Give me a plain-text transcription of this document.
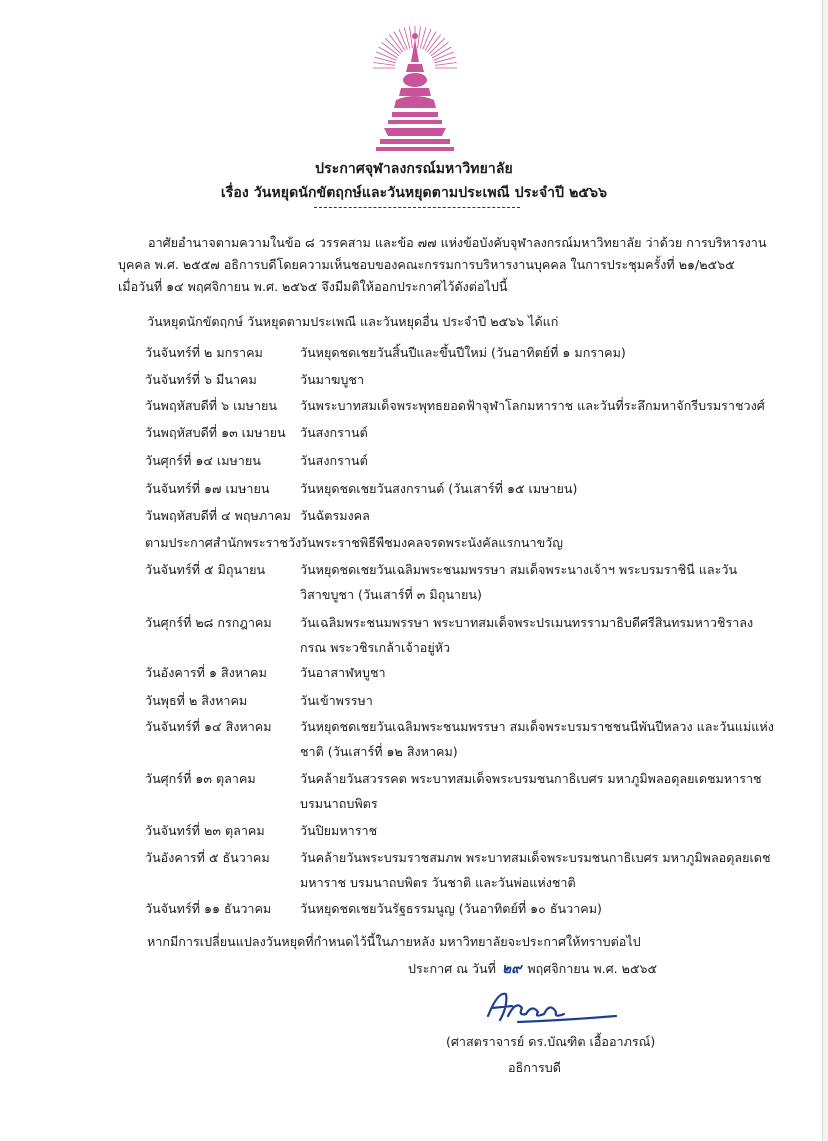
ประกาศจุฬาลงกรณ์มหาวิทยาลัย
เรื่อง วันหยุดนักขัตฤกษ์และวันหยุดตามประเพณี ประจำปี ๒๕๖๖
อาศัยอำนาจตามความในข้อ ๘ วรรคสาม และข้อ ๗๗ แห่งข้อบังคับจุฬาลงกรณ์มหาวิทยาลัย ว่าด้วย การบริหารงาน
บุคคล พ.ศ. ๒๕๕๗ อธิการบดีโดยความเห็นชอบของคณะกรรมการบริหารงานบุคคล ในการประชุมครั้งที่ ๒๑/๒๕๖๕
เมื่อวันที่ ๑๔ พฤศจิกายน พ.ศ. ๒๕๖๕ จึงมีมติให้ออกประกาศไว้ดังต่อไปนี้
วันหยุดนักขัตฤกษ์ วันหยุดตามประเพณี และวันหยุดอื่น ประจำปี ๒๕๖๖ ได้แก่
วันจันทร์ที่ ๒ มกราคม	วันหยุดชดเชยวันสิ้นปีและขึ้นปีใหม่ (วันอาทิตย์ที่ ๑ มกราคม)
วันจันทร์ที่ ๖ มีนาคม	วันมาฆบูชา
วันพฤหัสบดีที่ ๖ เมษายน	วันพระบาทสมเด็จพระพุทธยอดฟ้าจุฬาโลกมหาราช และวันที่ระลึกมหาจักรีบรมราชวงศ์
วันพฤหัสบดีที่ ๑๓ เมษายน	วันสงกรานต์
วันศุกร์ที่ ๑๔ เมษายน	วันสงกรานต์
วันจันทร์ที่ ๑๗ เมษายน	วันหยุดชดเชยวันสงกรานต์ (วันเสาร์ที่ ๑๕ เมษายน)
วันพฤหัสบดีที่ ๔ พฤษภาคม วันฉัตรมงคล
ตามประกาศสำนักพระราชวัง
วันพระราชพิธีพืชมงคลจรดพระนังคัลแรกนาขวัญ
วันจันทร์ที่ ๕ มิถุนายน	วันหยุดชดเชยวันเฉลิมพระชนมพรรษา สมเด็จพระนางเจ้าฯ พระบรมราชินี และวันวิสาขบูชา (วันเสาร์ที่ ๓ มิถุนายน)
วันศุกร์ที่ ๒๘ กรกฎาคม	วันเฉลิมพระชนมพรรษา พระบาทสมเด็จพระปรเมนทรรามาธิบดีศรีสินทรมหาวชิราลงกรณ พระวชิรเกล้าเจ้าอยู่หัว
วันอังคารที่ ๑ สิงหาคม	วันอาสาฬหบูชา
วันพุธที่ ๒ สิงหาคม	วันเข้าพรรษา
วันจันทร์ที่ ๑๔ สิงหาคม	วันหยุดชดเชยวันเฉลิมพระชนมพรรษา สมเด็จพระบรมราชชนนีพันปีหลวง และวันแม่แห่งชาติ (วันเสาร์ที่ ๑๒ สิงหาคม)
วันศุกร์ที่ ๑๓ ตุลาคม	วันคล้ายวันสวรรคต พระบาทสมเด็จพระบรมชนกาธิเบศร มหาภูมิพลอดุลยเดชมหาราช บรมนาถบพิตร
วันจันทร์ที่ ๒๓ ตุลาคม	วันปิยมหาราช
วันอังคารที่ ๕ ธันวาคม	วันคล้ายวันพระบรมราชสมภพ พระบาทสมเด็จพระบรมชนกาธิเบศร มหาภูมิพลอดุลยเดชมหาราช บรมนาถบพิตร วันชาติ และวันพ่อแห่งชาติ
วันจันทร์ที่ ๑๑ ธันวาคม	วันหยุดชดเชยวันรัฐธรรมนูญ (วันอาทิตย์ที่ ๑๐ ธันวาคม)
หากมีการเปลี่ยนแปลงวันหยุดที่กำหนดไว้นี้ในภายหลัง มหาวิทยาลัยจะประกาศให้ทราบต่อไป
ประกาศ ณ วันที่ ๒๙ พฤศจิกายน พ.ศ. ๒๕๖๕
(ศาสตราจารย์ ดร.บัณฑิต เอื้ออาภรณ์)
อธิการบดี
